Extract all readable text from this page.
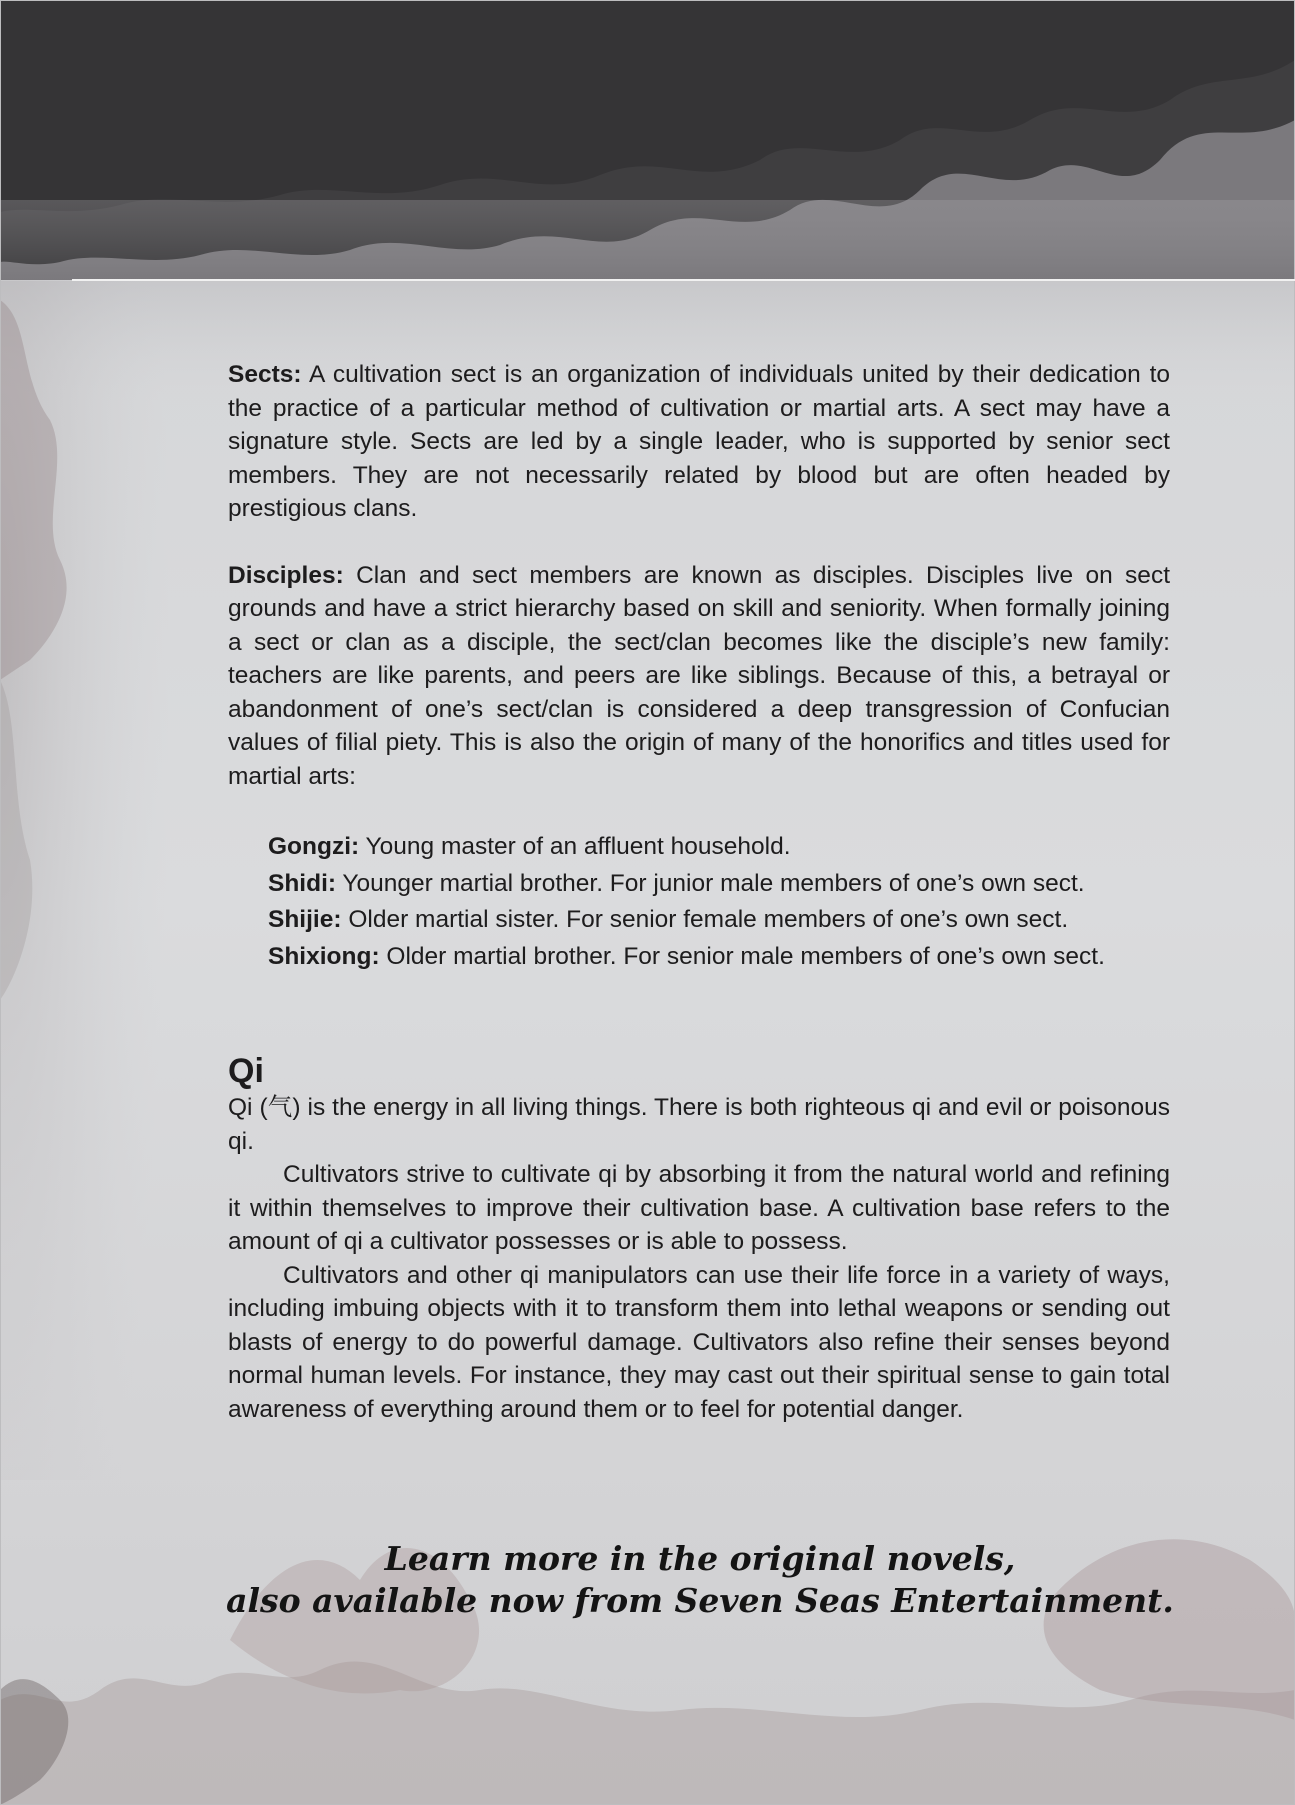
Sects: A cultivation sect is an organization of individuals united by their dedication to the practice of a particular method of cultivation or martial arts. A sect may have a signature style. Sects are led by a single leader, who is supported by senior sect members. They are not necessarily related by blood but are often headed by prestigious clans.

Disciples: Clan and sect members are known as disciples. Disciples live on sect grounds and have a strict hierarchy based on skill and seniority. When formally joining a sect or clan as a disciple, the sect/clan becomes like the disciple’s new family: teachers are like parents, and peers are like siblings. Because of this, a betrayal or abandonment of one’s sect/clan is considered a deep transgression of Confucian values of filial piety. This is also the origin of many of the honorifics and titles used for martial arts:

Gongzi: Young master of an affluent household.
Shidi: Younger martial brother. For junior male members of one’s own sect.
Shijie: Older martial sister. For senior female members of one’s own sect.
Shixiong: Older martial brother. For senior male members of one’s own sect.
Qi

Qi (气) is the energy in all living things. There is both righteous qi and evil or poisonous qi.

Cultivators strive to cultivate qi by absorbing it from the natural world and refining it within themselves to improve their cultivation base. A cultivation base refers to the amount of qi a cultivator possesses or is able to possess.

Cultivators and other qi manipulators can use their life force in a variety of ways, including imbuing objects with it to transform them into lethal weapons or sending out blasts of energy to do powerful damage. Cultivators also refine their senses beyond normal human levels. For instance, they may cast out their spiritual sense to gain total awareness of everything around them or to feel for potential danger.

Learn more in the original novels,
also available now from Seven Seas Entertainment.
